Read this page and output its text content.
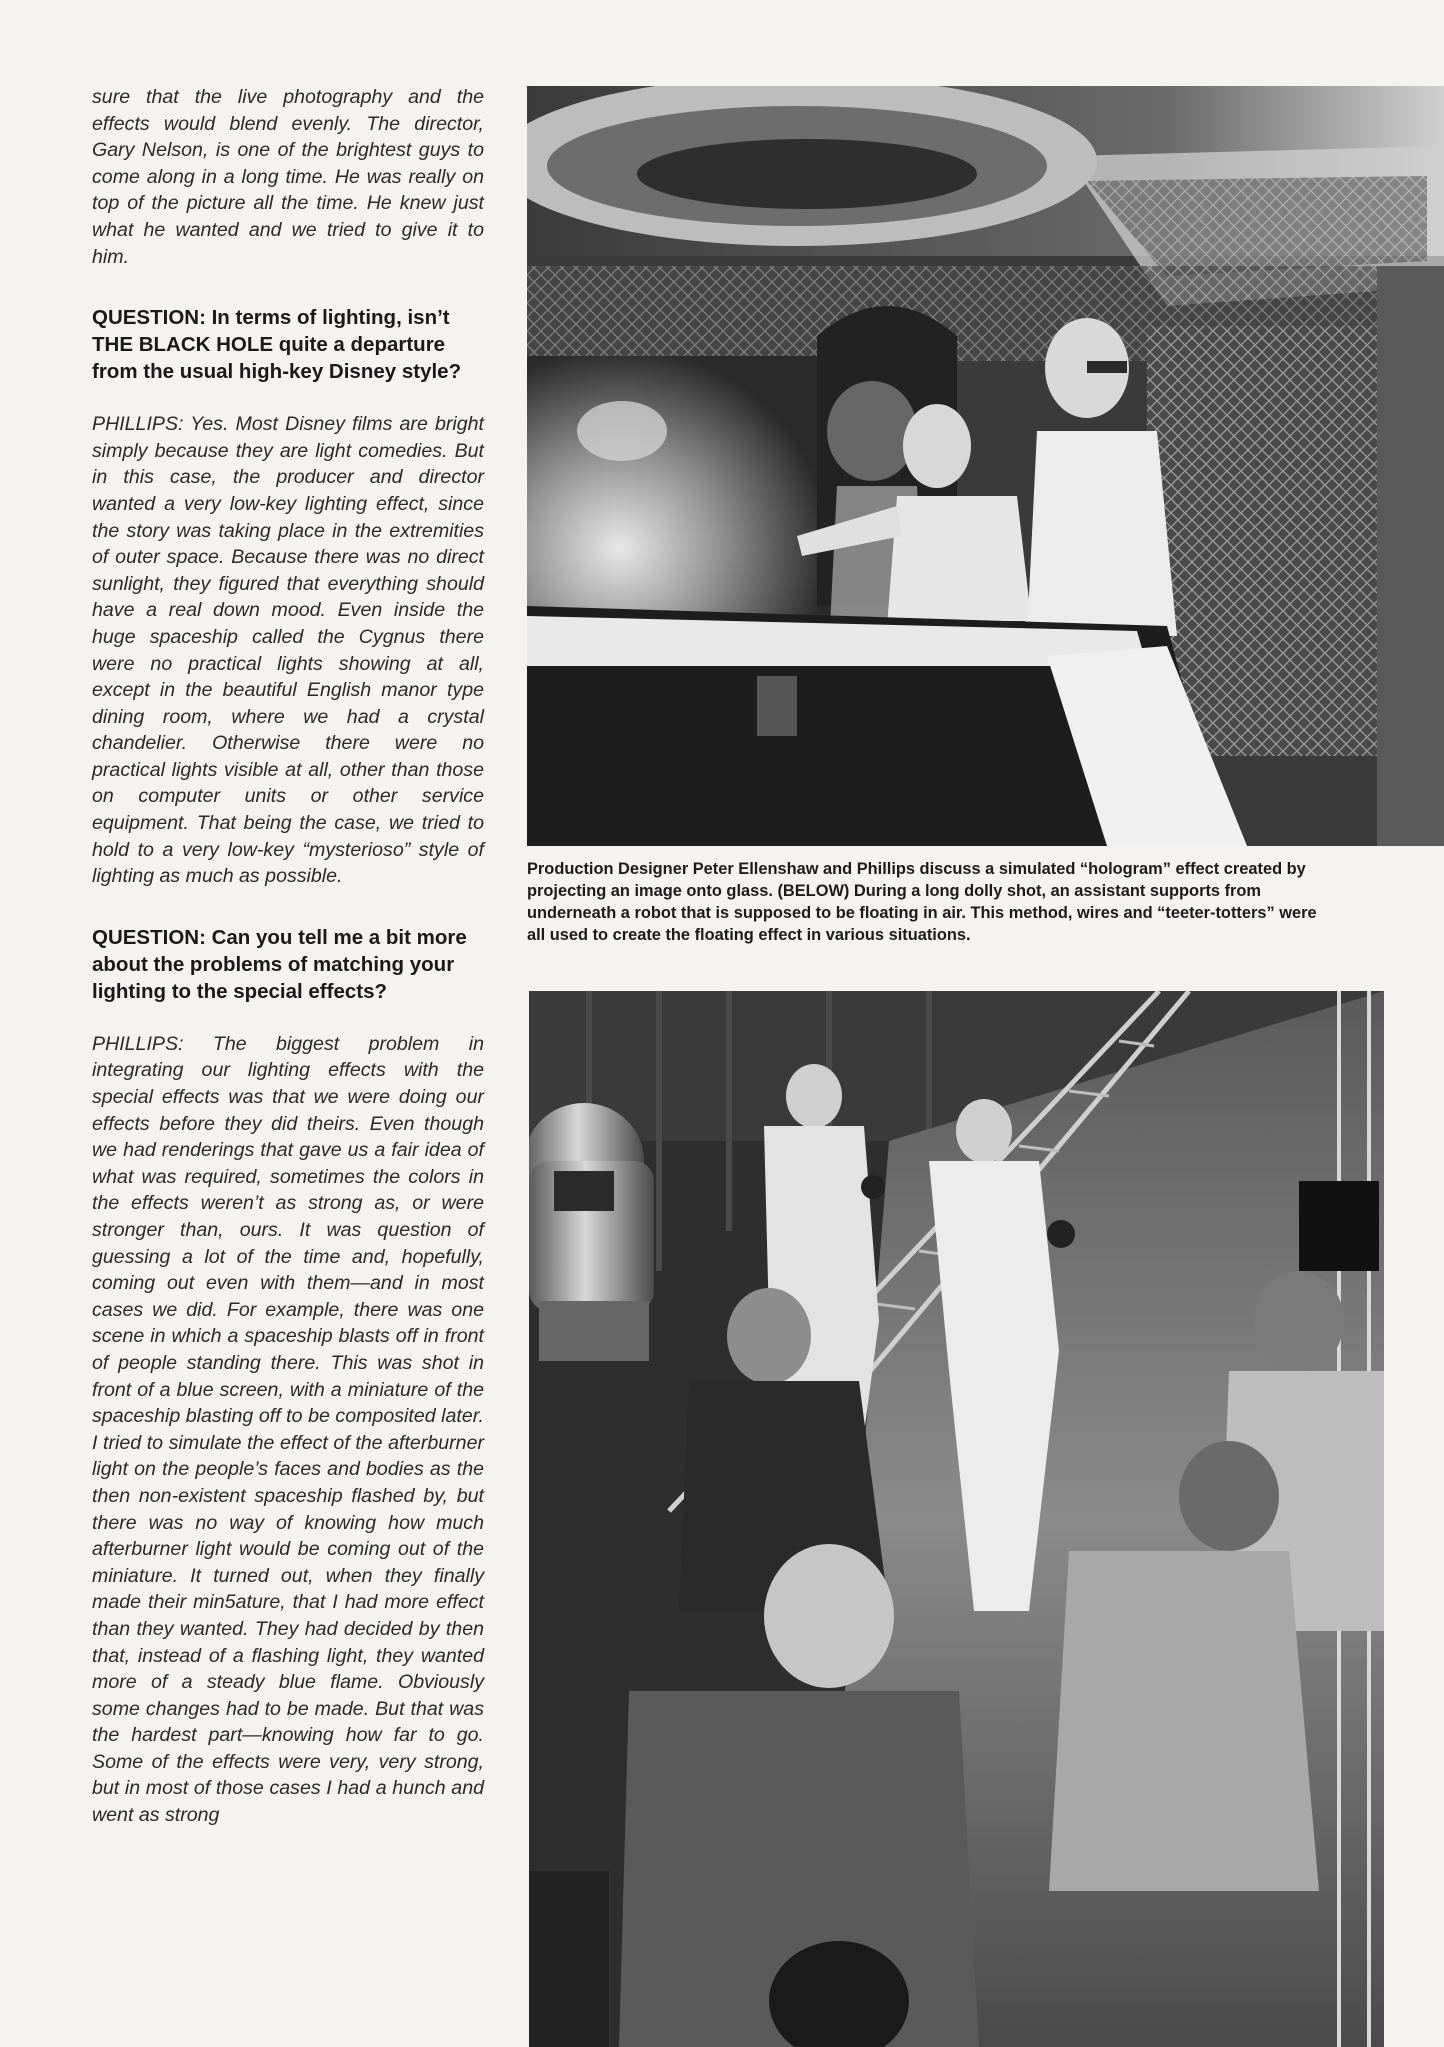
sure that the live photography and the effects would blend evenly. The director, Gary Nelson, is one of the brightest guys to come along in a long time. He was really on top of the picture all the time. He knew just what he wanted and we tried to give it to him.

QUESTION: In terms of lighting, isn’t THE BLACK HOLE quite a departure from the usual high-key Disney style?

PHILLIPS: Yes. Most Disney films are bright simply because they are light comedies. But in this case, the producer and director wanted a very low-key lighting effect, since the story was taking place in the extremities of outer space. Because there was no direct sunlight, they figured that everything should have a real down mood. Even inside the huge spaceship called the Cygnus there were no practical lights showing at all, except in the beautiful English manor type dining room, where we had a crystal chandelier. Otherwise there were no practical lights visible at all, other than those on computer units or other service equipment. That being the case, we tried to hold to a very low-key “mysterioso” style of lighting as much as possible.

QUESTION: Can you tell me a bit more about the problems of matching your lighting to the special effects?

PHILLIPS: The biggest problem in integrating our lighting effects with the special effects was that we were doing our effects before they did theirs. Even though we had renderings that gave us a fair idea of what was required, sometimes the colors in the effects weren’t as strong as, or were stronger than, ours. It was question of guessing a lot of the time and, hopefully, coming out even with them—and in most cases we did. For example, there was one scene in which a spaceship blasts off in front of people standing there. This was shot in front of a blue screen, with a miniature of the spaceship blasting off to be composited later. I tried to simulate the effect of the afterburner light on the people’s faces and bodies as the then non-existent spaceship flashed by, but there was no way of knowing how much afterburner light would be coming out of the miniature. It turned out, when they finally made their min5ature, that I had more effect than they wanted. They had decided by then that, instead of a flashing light, they wanted more of a steady blue flame. Obviously some changes had to be made. But that was the hardest part—knowing how far to go. Some of the effects were very, very strong, but in most of those cases I had a hunch and went as strong

Production Designer Peter Ellenshaw and Phillips discuss a simulated “hologram” effect created by projecting an image onto glass. (BELOW) During a long dolly shot, an assistant supports from underneath a robot that is supposed to be floating in air. This method, wires and “teeter-totters” were all used to create the floating effect in various situations.
